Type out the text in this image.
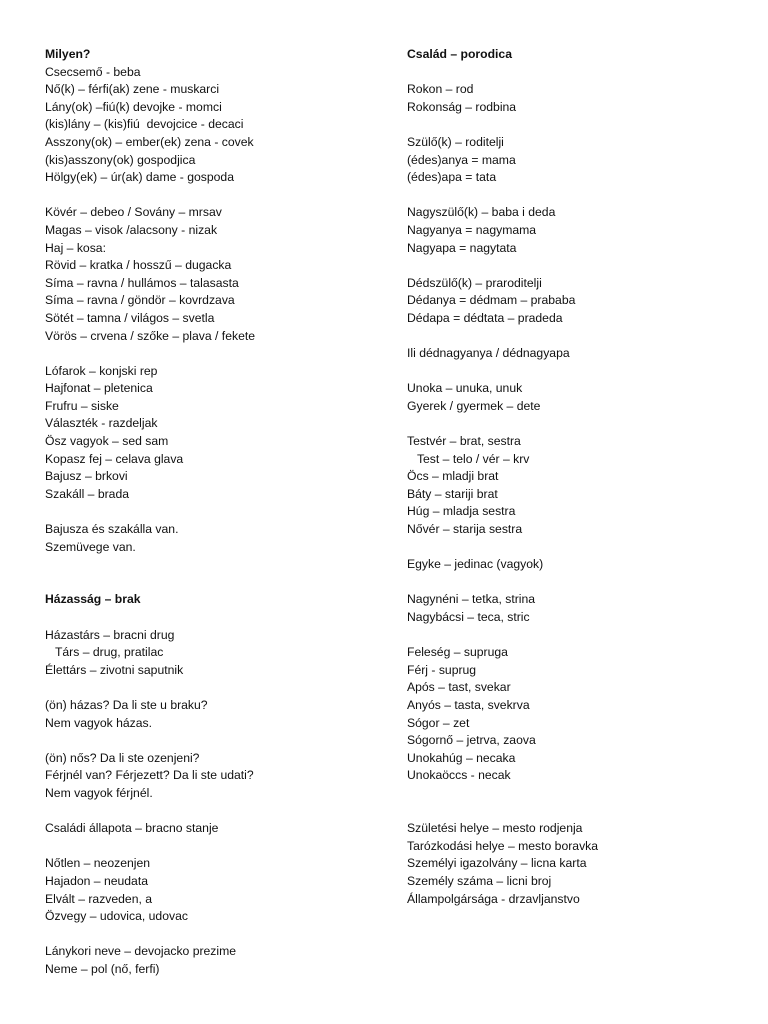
Milyen?
Csecsemő - beba
Nő(k) – férfi(ak) zene - muskarci
Lány(ok) –fiú(k) devojke - momci
(kis)lány – (kis)fiú  devojcice - decaci
Asszony(ok) – ember(ek) zena - covek
(kis)asszony(ok) gospodjica
Hölgy(ek) – úr(ak) dame - gospoda
Kövér – debeo / Sovány – mrsav
Magas – visok /alacsony - nizak
Haj – kosa:
Rövid – kratka / hosszű – dugacka
Síma – ravna / hullámos – talasasta
Síma – ravna / göndör – kovrdzava
Sötét – tamna / világos – svetla
Vörös – crvena / szőke – plava / fekete
Lófarok – konjski rep
Hajfonat – pletenica
Frufru – siske
Választék - razdeljak
Ösz vagyok – sed sam
Kopasz fej – celava glava
Bajusz – brkovi
Szakáll – brada
Bajusza és szakálla van.
Szemüvege van.
Házasság – brak
Házastárs – bracni drug
Társ – drug, pratilac
Élettárs – zivotni saputnik
(ön) házas? Da li ste u braku?
Nem vagyok házas.
(ön) nős? Da li ste ozenjeni?
Férjnél van? Férjezett? Da li ste udati?
Nem vagyok férjnél.
Családi állapota – bracno stanje
Nőtlen – neozenjen
Hajadon – neudata
Elvált – razveden, a
Özvegy – udovica, udovac
Lánykori neve – devojacko prezime
Neme – pol (nő, ferfi)
Család – porodica
Rokon – rod
Rokonság – rodbina
Szülő(k) – roditelji
(édes)anya = mama
(édes)apa = tata
Nagyszülő(k) – baba i deda
Nagyanya = nagymama
Nagyapa = nagytata
Dédszülő(k) – praroditelji
Dédanya = dédmam – prababa
Dédapa = dédtata – pradeda
Ili dédnagyanya / dédnagyapa
Unoka – unuka, unuk
Gyerek / gyermek – dete
Testvér – brat, sestra
Test – telo / vér – krv
Öcs – mladji brat
Báty – stariji brat
Húg – mladja sestra
Nővér – starija sestra
Egyke – jedinac (vagyok)
Nagynéni – tetka, strina
Nagybácsi – teca, stric
Feleség – supruga
Férj - suprug
Após – tast, svekar
Anyós – tasta, svekrva
Sógor – zet
Sógornő – jetrva, zaova
Unokahúg – necaka
Unokaöccs - necak
Születési helye – mesto rodjenja
Tarózkodási helye – mesto boravka
Személyi igazolvány – licna karta
Személy száma – licni broj
Állampolgársága - drzavljanstvo
